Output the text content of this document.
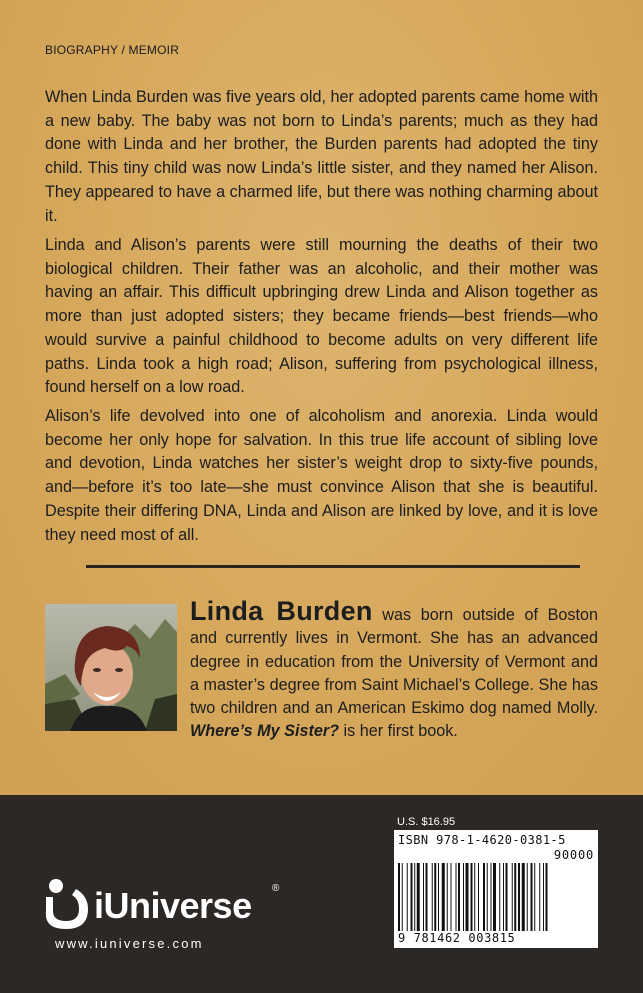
BIOGRAPHY / MEMOIR

When Linda Burden was five years old, her adopted parents came home with a new baby. The baby was not born to Linda’s parents; much as they had done with Linda and her brother, the Burden parents had adopted the tiny child. This tiny child was now Linda’s little sister, and they named her Alison. They appeared to have a charmed life, but there was nothing charming about it.

Linda and Alison’s parents were still mourning the deaths of their two biological children. Their father was an alcoholic, and their mother was having an affair. This difficult upbringing drew Linda and Alison together as more than just adopted sisters; they became friends—best friends—who would survive a painful childhood to become adults on very different life paths. Linda took a high road; Alison, suffering from psychological illness, found herself on a low road.

Alison’s life devolved into one of alcoholism and anorexia. Linda would become her only hope for salvation. In this true life account of sibling love and devotion, Linda watches her sister’s weight drop to sixty-five pounds, and—before it’s too late—she must convince Alison that she is beautiful. Despite their differing DNA, Linda and Alison are linked by love, and it is love they need most of all.

Linda Burden was born outside of Boston and currently lives in Vermont. She has an advanced degree in education from the University of Vermont and a master’s degree from Saint Michael’s College. She has two children and an American Eskimo dog named Molly. Where’s My Sister? is her first book.

iUniverse ®
www.iuniverse.com
U.S. $16.95
ISBN 978-1-4620-0381-5
90000
9 781462 003815
